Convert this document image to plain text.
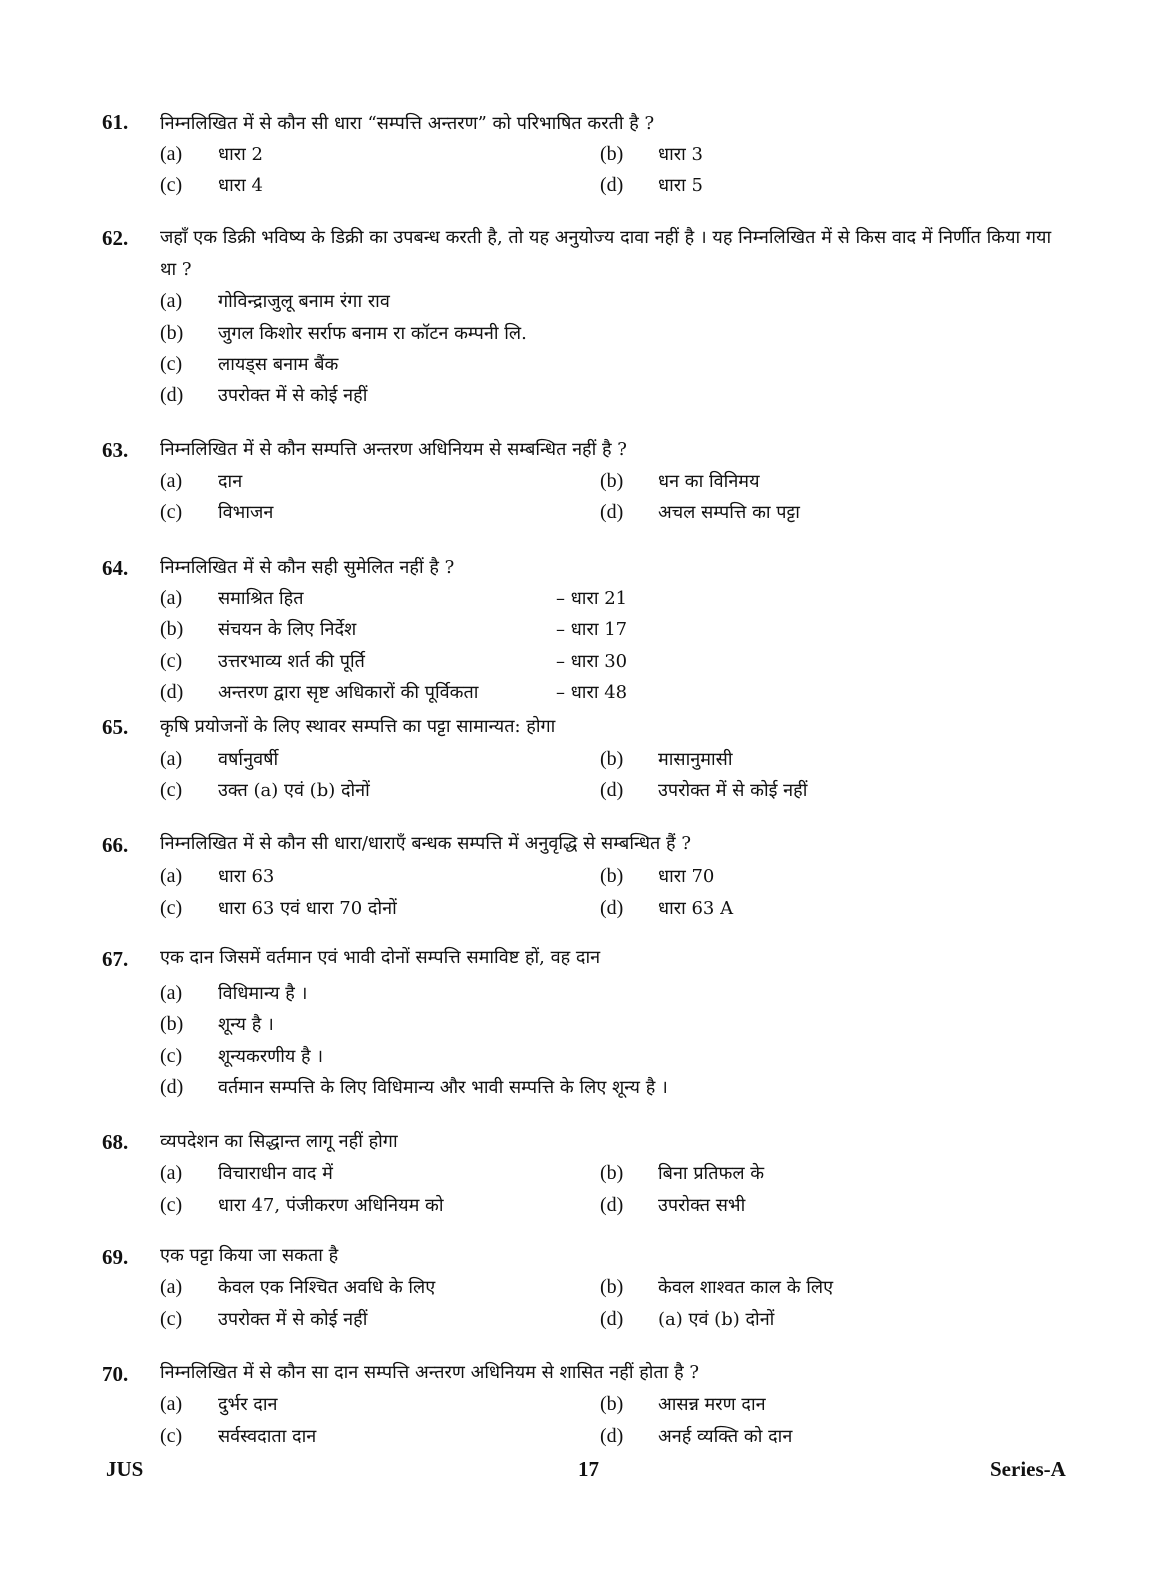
61. निम्नलिखित में से कौन सी धारा “सम्पत्ति अन्तरण” को परिभाषित करती है ?
(a) धारा 2	(b) धारा 3
(c) धारा 4	(d) धारा 5
62. जहाँ एक डिक्री भविष्य के डिक्री का उपबन्ध करती है, तो यह अनुयोज्य दावा नहीं है । यह निम्नलिखित में से किस वाद में निर्णीत किया गया था ?
(a) गोविन्द्राजुलू बनाम रंगा राव
(b) जुगल किशोर सर्राफ बनाम रा कॉटन कम्पनी लि.
(c) लायड्स बनाम बैंक
(d) उपरोक्त में से कोई नहीं
63. निम्नलिखित में से कौन सम्पत्ति अन्तरण अधिनियम से सम्बन्धित नहीं है ?
(a) दान	(b) धन का विनिमय
(c) विभाजन	(d) अचल सम्पत्ति का पट्टा
64. निम्नलिखित में से कौन सही सुमेलित नहीं है ?
(a) समाश्रित हित	– धारा 21
(b) संचयन के लिए निर्देश	– धारा 17
(c) उत्तरभाव्य शर्त की पूर्ति	– धारा 30
(d) अन्तरण द्वारा सृष्ट अधिकारों की पूर्विकता	– धारा 48
65. कृषि प्रयोजनों के लिए स्थावर सम्पत्ति का पट्टा सामान्यत: होगा
(a) वर्षानुवर्षी	(b) मासानुमासी
(c) उक्त (a) एवं (b) दोनों	(d) उपरोक्त में से कोई नहीं
66. निम्नलिखित में से कौन सी धारा/धाराएँ बन्धक सम्पत्ति में अनुवृद्धि से सम्बन्धित हैं ?
(a) धारा 63	(b) धारा 70
(c) धारा 63 एवं धारा 70 दोनों	(d) धारा 63 A
67. एक दान जिसमें वर्तमान एवं भावी दोनों सम्पत्ति समाविष्ट हों, वह दान
(a) विधिमान्य है ।
(b) शून्य है ।
(c) शून्यकरणीय है ।
(d) वर्तमान सम्पत्ति के लिए विधिमान्य और भावी सम्पत्ति के लिए शून्य है ।
68. व्यपदेशन का सिद्धान्त लागू नहीं होगा
(a) विचाराधीन वाद में	(b) बिना प्रतिफल के
(c) धारा 47, पंजीकरण अधिनियम को	(d) उपरोक्त सभी
69. एक पट्टा किया जा सकता है
(a) केवल एक निश्चित अवधि के लिए	(b) केवल शाश्वत काल के लिए
(c) उपरोक्त में से कोई नहीं	(d) (a) एवं (b) दोनों
70. निम्नलिखित में से कौन सा दान सम्पत्ति अन्तरण अधिनियम से शासित नहीं होता है ?
(a) दुर्भर दान	(b) आसन्न मरण दान
(c) सर्वस्वदाता दान	(d) अनर्ह व्यक्ति को दान
JUS	17	Series-A
